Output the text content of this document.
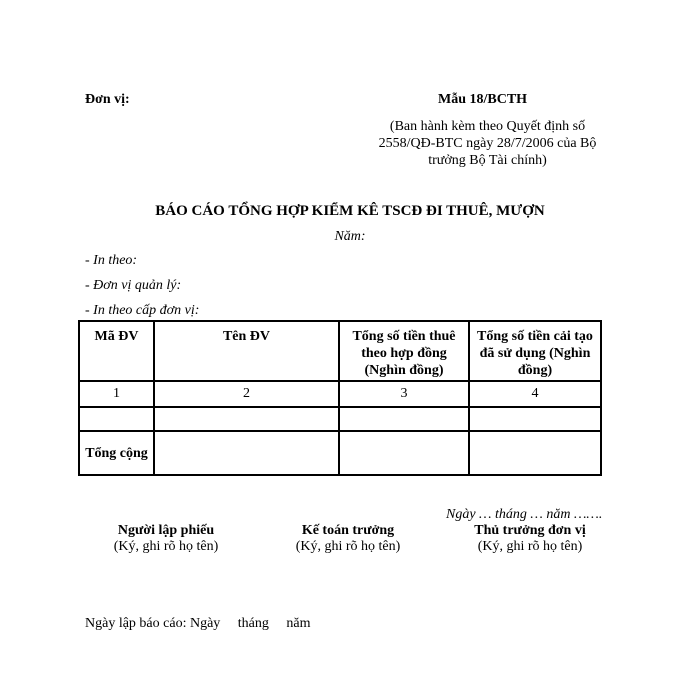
Đơn vị:	Mẫu 18/BCTH
(Ban hành kèm theo Quyết định số
2558/QĐ-BTC ngày 28/7/2006 của Bộ
trưởng Bộ Tài chính)
BÁO CÁO TỔNG HỢP KIỂM KÊ TSCĐ ĐI THUÊ, MƯỢN
Năm:
- In theo:
- Đơn vị quản lý:
- In theo cấp đơn vị:
Mã ĐV	Tên ĐV	Tổng số tiền thuê theo hợp đồng (Nghìn đồng)	Tổng số tiền cải tạo đã sử dụng (Nghìn đồng)
1	2	3	4

Tổng cộng			
Ngày … tháng … năm …….
Người lập phiếu
(Ký, ghi rõ họ tên)
Kế toán trưởng
(Ký, ghi rõ họ tên)
Thủ trưởng đơn vị
(Ký, ghi rõ họ tên)
Ngày lập báo cáo: Ngày     tháng     năm
